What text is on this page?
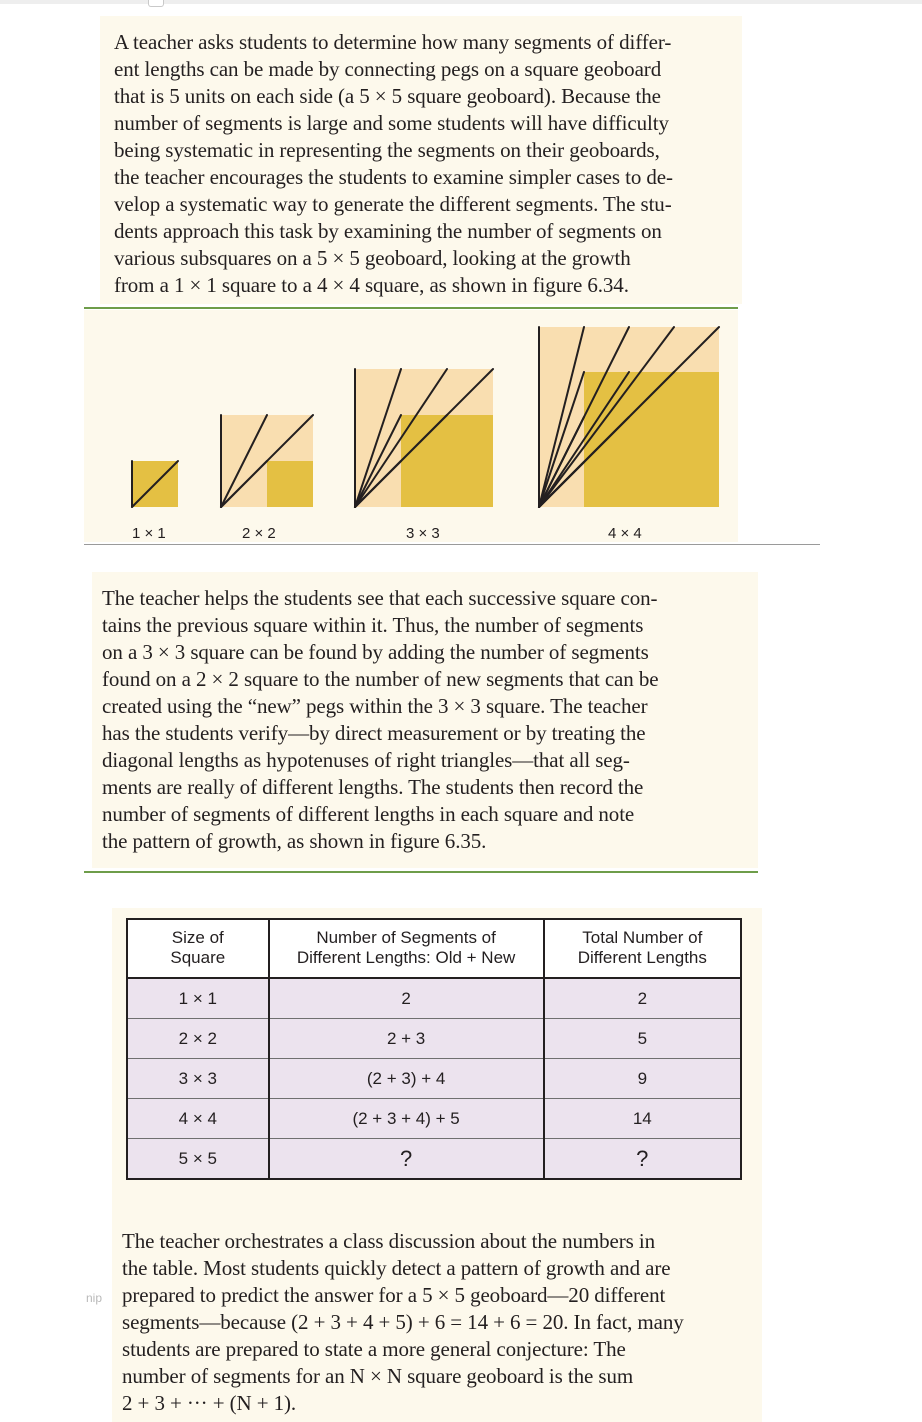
A teacher asks students to determine how many segments of differ-
ent lengths can be made by connecting pegs on a square geoboard
that is 5 units on each side (a 5 × 5 square geoboard). Because the
number of segments is large and some students will have difficulty
being systematic in representing the segments on their geoboards,
the teacher encourages the students to examine simpler cases to de-
velop a systematic way to generate the different segments. The stu-
dents approach this task by examining the number of segments on
various subsquares on a 5 × 5 geoboard, looking at the growth
from a 1 × 1 square to a 4 × 4 square, as shown in figure 6.34.

1 × 1	2 × 2	3 × 3	4 × 4

The teacher helps the students see that each successive square con-
tains the previous square within it. Thus, the number of segments
on a 3 × 3 square can be found by adding the number of segments
found on a 2 × 2 square to the number of new segments that can be
created using the “new” pegs within the 3 × 3 square. The teacher
has the students verify—by direct measurement or by treating the
diagonal lengths as hypotenuses of right triangles—that all seg-
ments are really of different lengths. The students then record the
number of segments of different lengths in each square and note
the pattern of growth, as shown in figure 6.35.

Size of
Square	Number of Segments of
Different Lengths: Old + New	Total Number of
Different Lengths
1 × 1	2	2
2 × 2	2 + 3	5
3 × 3	(2 + 3) + 4	9
4 × 4	(2 + 3 + 4) + 5	14
5 × 5	?	?

The teacher orchestrates a class discussion about the numbers in
the table. Most students quickly detect a pattern of growth and are
prepared to predict the answer for a 5 × 5 geoboard—20 different
segments—because (2 + 3 + 4 + 5) + 6 = 14 + 6 = 20. In fact, many
students are prepared to state a more general conjecture: The
number of segments for an N × N square geoboard is the sum
2 + 3 + ··· + (N + 1).

nip
